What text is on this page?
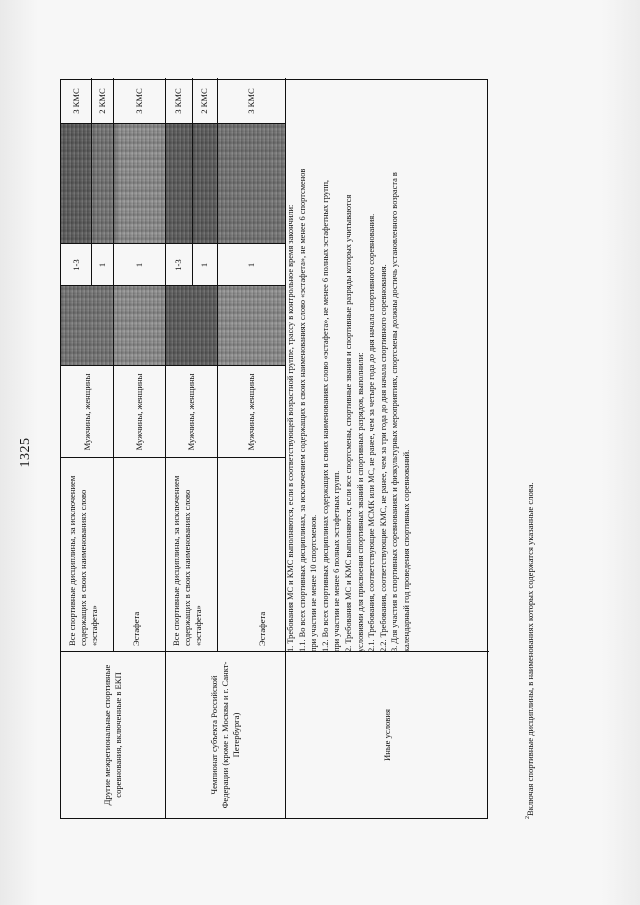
1325
Другие межрегиональные спортивные соревнования, включенные в ЕКП
Все спортивные дисциплины, за исключением содержащих в своих наименованиях слово «эстафета»
Мужчины, женщины
1-3
3 КМС
1
2 КМС
Эстафета
Мужчины, женщины
1
3 КМС
Чемпионат субъекта Российской Федерации (кроме г. Москвы и г. Санкт-Петербурга)
Все спортивные дисциплины, за исключением содержащих в своих наименованиях слово «эстафета»
Мужчины, женщины
1-3
3 КМС
1
2 КМС
Эстафета
Мужчины, женщины
1
3 КМС
Иные условия

1. Требования МС и КМС выполняются, если в соответствующей возрастной группе, трассу в контрольное время закончили: 1.1. Во всех спортивных дисциплинах, за исключением содержащих в своих наименованиях слово «эстафета», не менее 6 спортсменов при участии не менее 10 спортсменов. 1.2. Во всех спортивных дисциплинах содержащих в своих наименованиях слово «эстафета», не менее 6 полных эстафетных групп, при участии не менее 6 полных эстафетных групп. 2. Требования МС и КМС выполняются, если все спортсмены, спортивные звания и спортивные разряды которых учитываются условиями для присвоения спортивных званий и спортивных разрядов, выполнили: 2.1. Требования, соответствующие МСМК или МС, не ранее, чем за четыре года до дня начала спортивного соревнования. 2.2. Требования, соответствующие КМС, не ранее, чем за три года до дня начала спортивного соревнования. 3. Для участия в спортивных соревнованиях и физкультурных мероприятиях, спортсмены должны достичь установленного возраста в календарный год проведения спортивных соревнований.

$^2$Включая спортивные дисциплины, в наименованиях которых содержатся указанные слова.
